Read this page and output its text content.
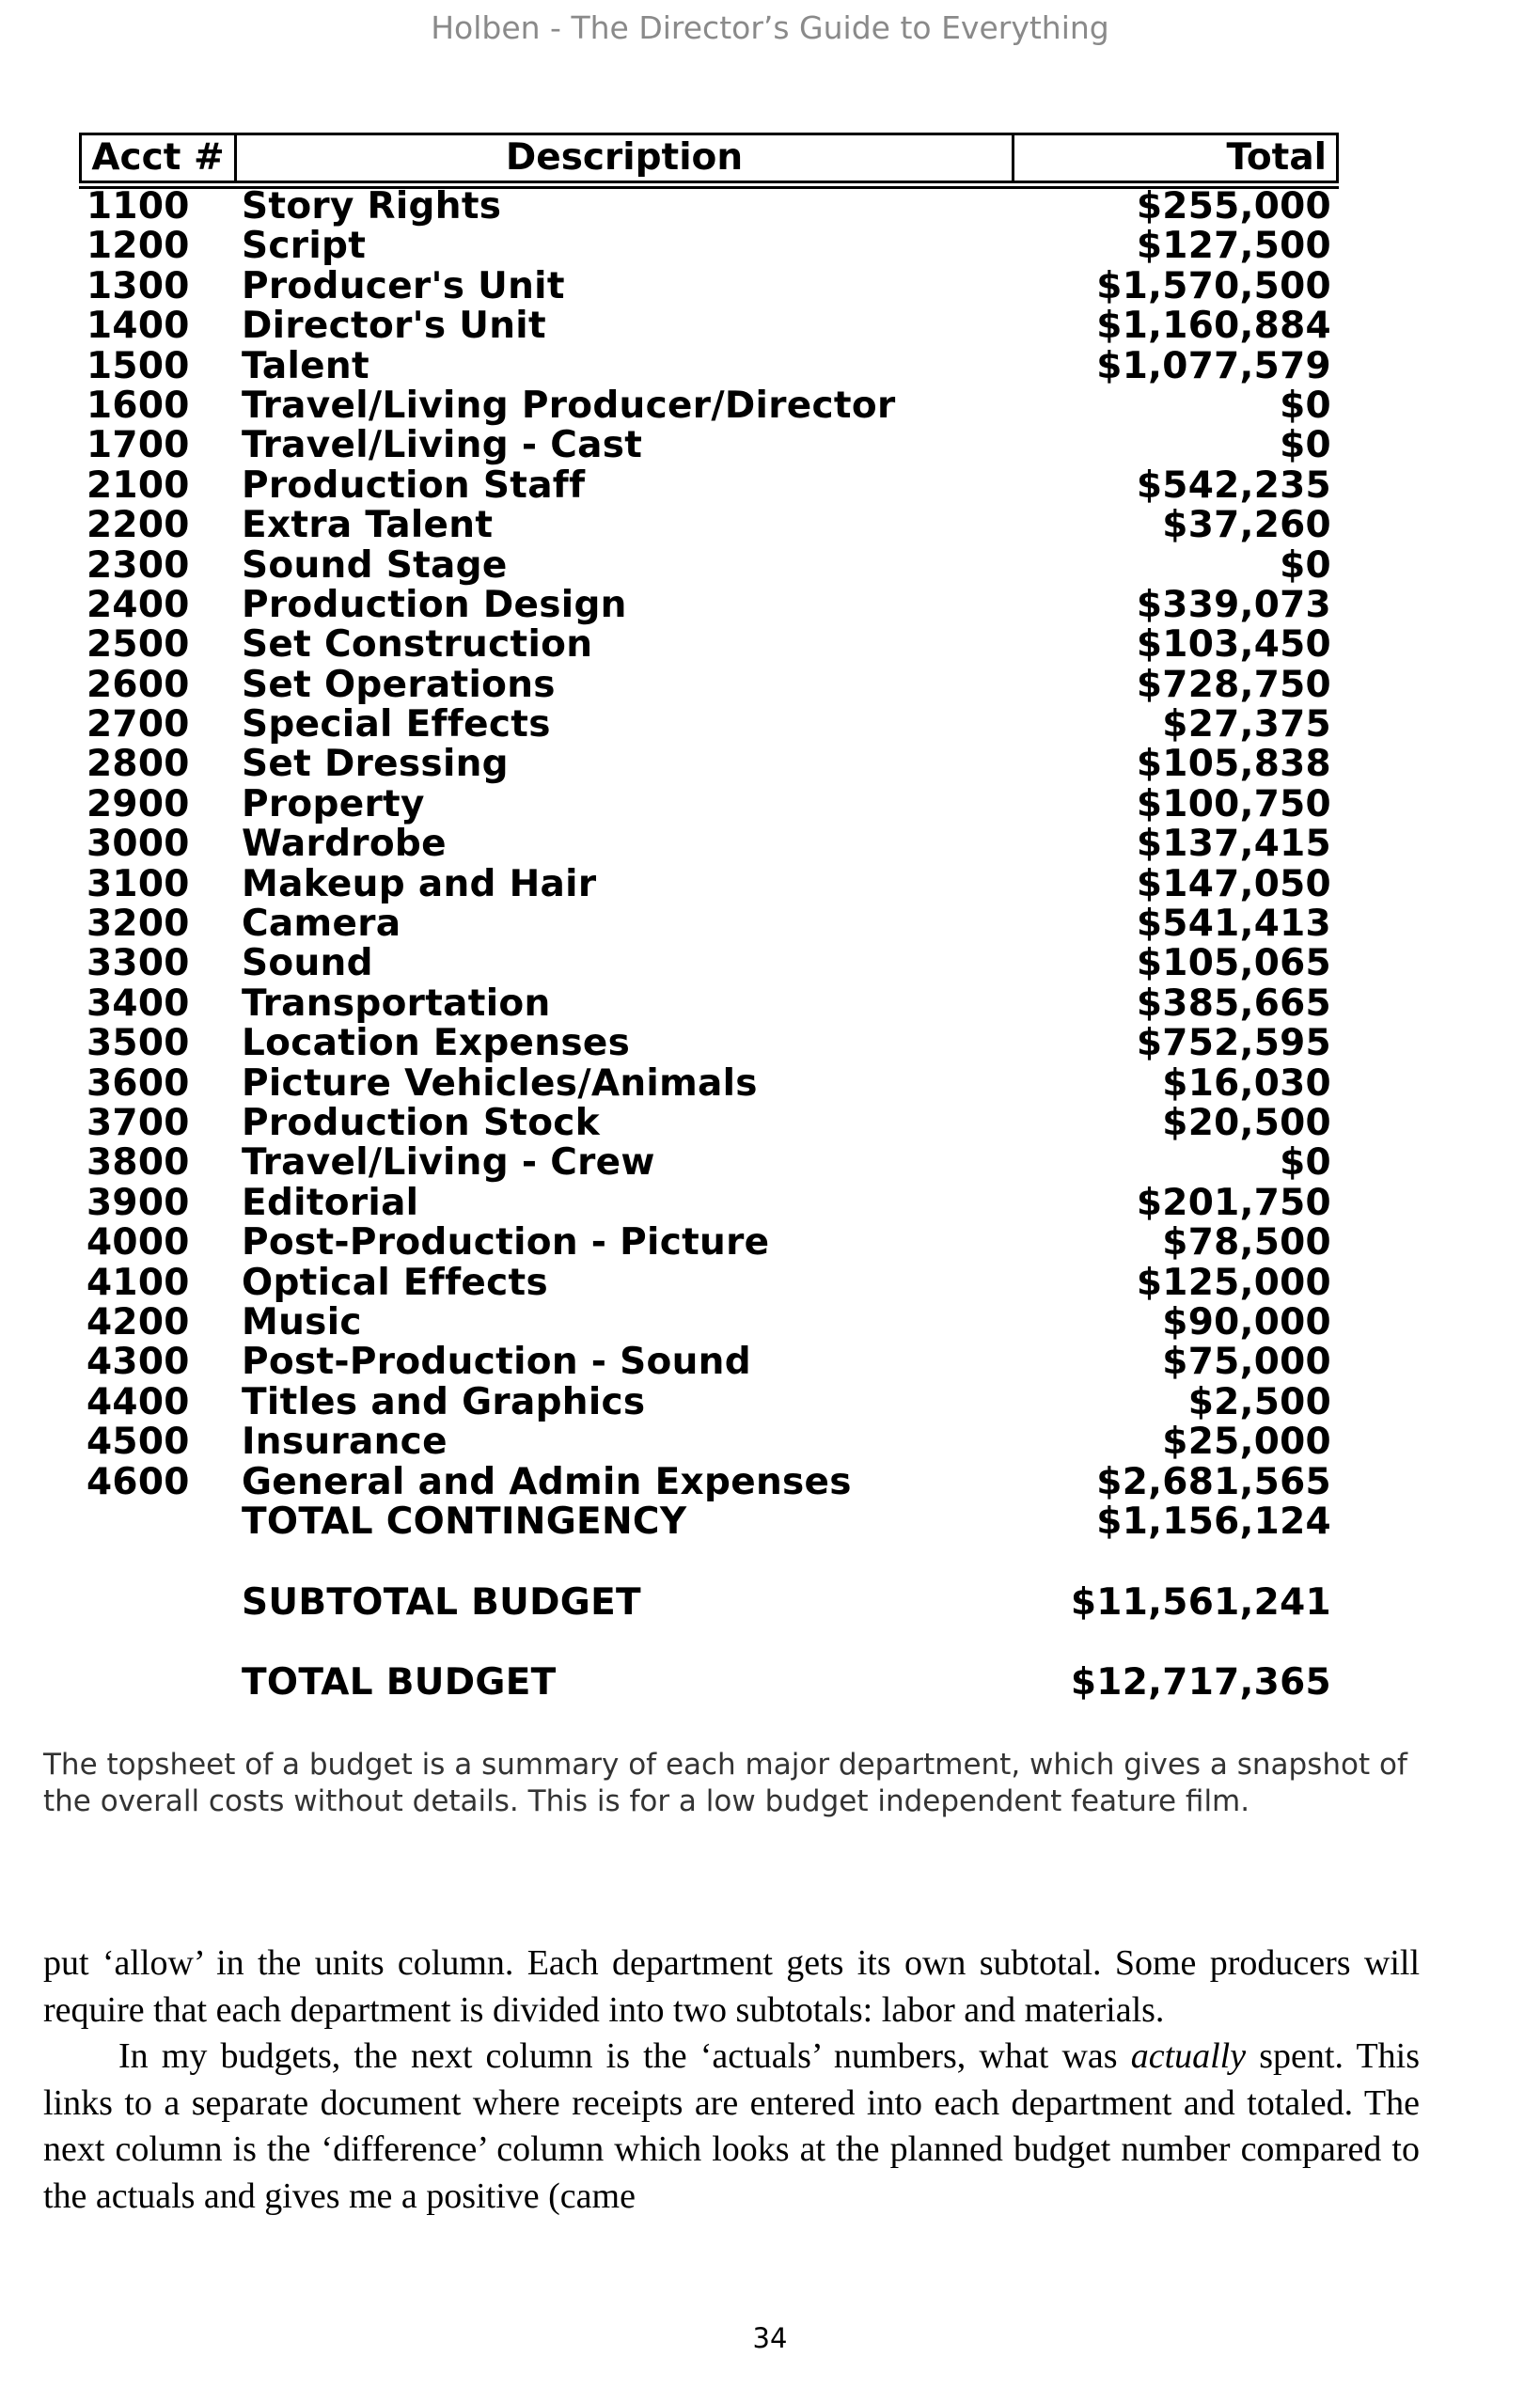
Holben - The Director’s Guide to Everything
Acct #	Description	Total
1100 Story Rights	$255,000
1200 Script	$127,500
1300 Producer's Unit	$1,570,500
1400 Director's Unit	$1,160,884
1500 Talent	$1,077,579
1600 Travel/Living Producer/Director	$0
1700 Travel/Living - Cast	$0
2100 Production Staff	$542,235
2200 Extra Talent	$37,260
2300 Sound Stage	$0
2400 Production Design	$339,073
2500 Set Construction	$103,450
2600 Set Operations	$728,750
2700 Special Effects	$27,375
2800 Set Dressing	$105,838
2900 Property	$100,750
3000 Wardrobe	$137,415
3100 Makeup and Hair	$147,050
3200 Camera	$541,413
3300 Sound	$105,065
3400 Transportation	$385,665
3500 Location Expenses	$752,595
3600 Picture Vehicles/Animals	$16,030
3700 Production Stock	$20,500
3800 Travel/Living - Crew	$0
3900 Editorial	$201,750
4000 Post-Production - Picture	$78,500
4100 Optical Effects	$125,000
4200 Music	$90,000
4300 Post-Production - Sound	$75,000
4400 Titles and Graphics	$2,500
4500 Insurance	$25,000
4600 General and Admin Expenses	$2,681,565
TOTAL CONTINGENCY	$1,156,124
SUBTOTAL BUDGET	$11,561,241
TOTAL BUDGET	$12,717,365
The topsheet of a budget is a summary of each major department, which gives a snapshot of the overall costs without details. This is for a low budget independent feature film.

put ‘allow’ in the units column. Each department gets its own subtotal. Some producers will require that each department is divided into two subtotals: labor and materials.

In my budgets, the next column is the ‘actuals’ numbers, what was actually spent. This links to a separate document where receipts are entered into each department and totaled. The next column is the ‘difference’ column which looks at the planned budget number compared to the actuals and gives me a positive (came

34
